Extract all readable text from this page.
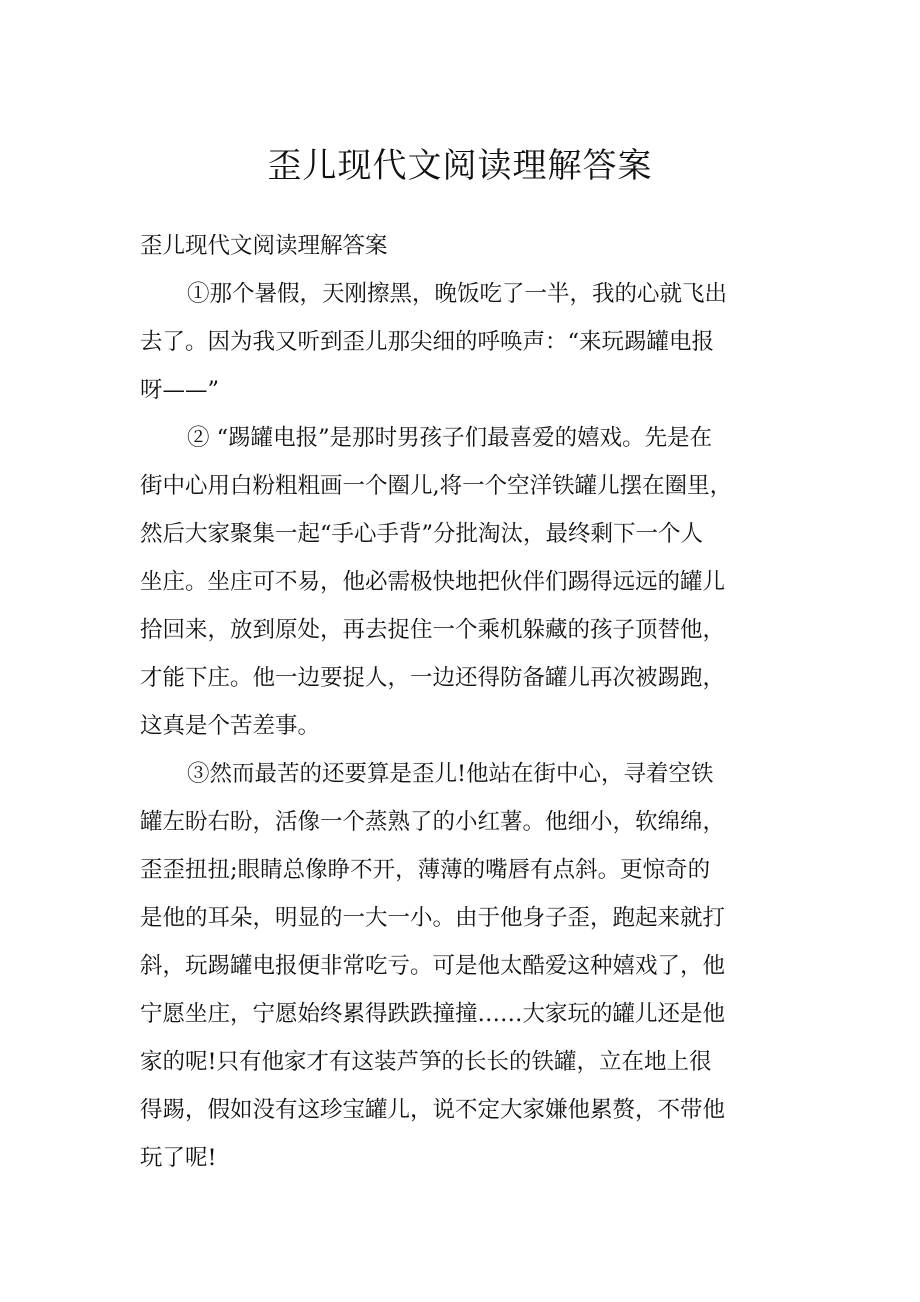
歪儿现代文阅读理解答案

歪儿现代文阅读理解答案

①那个暑假，天刚擦黑，晚饭吃了一半，我的心就飞出
去了。因为我又听到歪儿那尖细的呼唤声：“来玩踢罐电报
呀——”

② “踢罐电报”是那时男孩子们最喜爱的嬉戏。先是在
街中心用白粉粗粗画一个圈儿,将一个空洋铁罐儿摆在圈里，
然后大家聚集一起“手心手背”分批淘汰，最终剩下一个人
坐庄。坐庄可不易，他必需极快地把伙伴们踢得远远的罐儿
拾回来，放到原处，再去捉住一个乘机躲藏的孩子顶替他，
才能下庄。他一边要捉人，一边还得防备罐儿再次被踢跑，
这真是个苦差事。

③然而最苦的还要算是歪儿!他站在街中心，寻着空铁
罐左盼右盼，活像一个蒸熟了的小红薯。他细小，软绵绵，
歪歪扭扭;眼睛总像睁不开，薄薄的嘴唇有点斜。更惊奇的
是他的耳朵，明显的一大一小。由于他身子歪，跑起来就打
斜，玩踢罐电报便非常吃亏。可是他太酷爱这种嬉戏了，他
宁愿坐庄，宁愿始终累得跌跌撞撞……大家玩的罐儿还是他
家的呢!只有他家才有这装芦笋的长长的铁罐，立在地上很
得踢，假如没有这珍宝罐儿，说不定大家嫌他累赘，不带他
玩了呢!
